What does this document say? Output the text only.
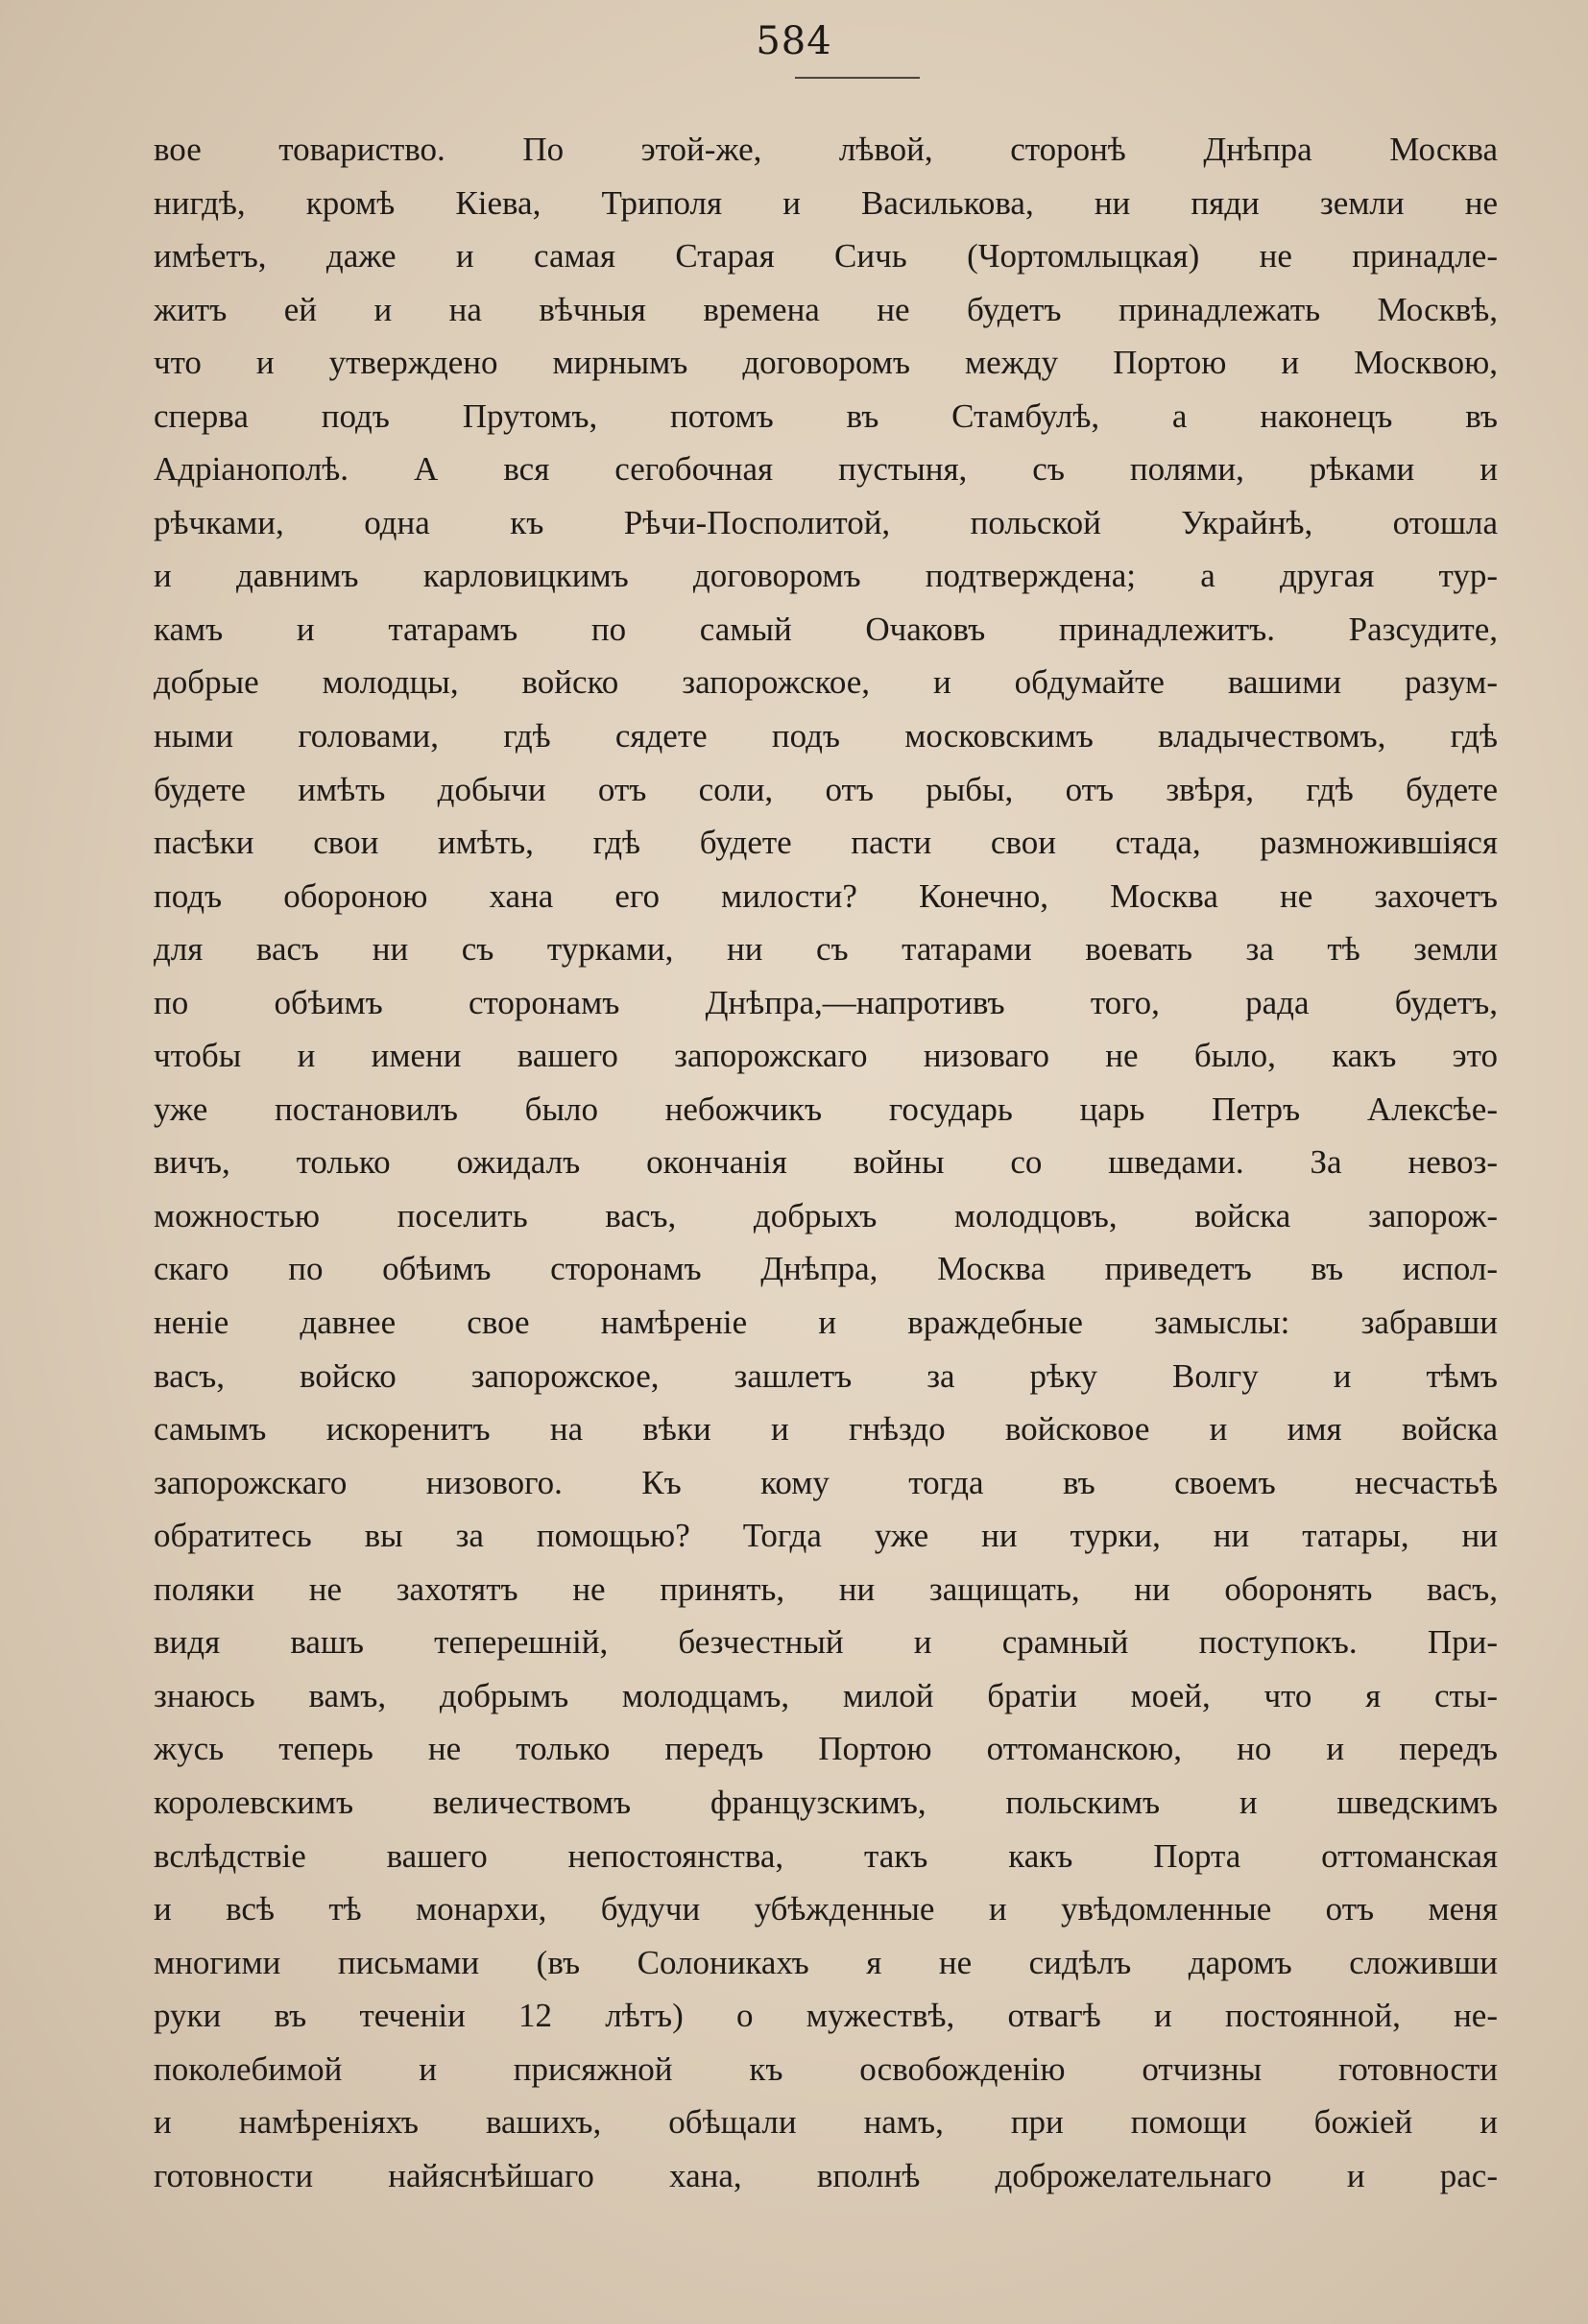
584
вое товариство. По этой-же, лѣвой, сторонѣ Днѣпра Москва
нигдѣ, кромѣ Кіева, Триполя и Василькова, ни пяди земли не
имѣетъ, даже и самая Старая Сичь (Чортомлыцкая) не принадле-
житъ ей и на вѣчныя времена не будетъ принадлежать Москвѣ,
что и утверждено мирнымъ договоромъ между Портою и Москвою,
сперва подъ Прутомъ, потомъ въ Стамбулѣ, а наконецъ въ
Адріанополѣ. А вся сегобочная пустыня, съ полями, рѣками и
рѣчками, одна къ Рѣчи-Посполитой, польской Украйнѣ, отошла
и давнимъ карловицкимъ договоромъ подтверждена; а другая тур-
камъ и татарамъ по самый Очаковъ принадлежитъ. Разсудите,
добрые молодцы, войско запорожское, и обдумайте вашими разум-
ными головами, гдѣ сядете подъ московскимъ владычествомъ, гдѣ
будете имѣть добычи отъ соли, отъ рыбы, отъ звѣря, гдѣ будете
пасѣки свои имѣть, гдѣ будете пасти свои стада, размножившіяся
подъ обороною хана его милости? Конечно, Москва не захочетъ
для васъ ни съ турками, ни съ татарами воевать за тѣ земли
по обѣимъ сторонамъ Днѣпра,—напротивъ того, рада будетъ,
чтобы и имени вашего запорожскаго низоваго не было, какъ это
уже постановилъ было небожчикъ государь царь Петръ Алексѣе-
вичъ, только ожидалъ окончанія войны со шведами. За невоз-
можностью поселить васъ, добрыхъ молодцовъ, войска запорож-
скаго по обѣимъ сторонамъ Днѣпра, Москва приведетъ въ испол-
неніе давнее свое намѣреніе и враждебные замыслы: забравши
васъ, войско запорожское, зашлетъ за рѣку Волгу и тѣмъ
самымъ искоренитъ на вѣки и гнѣздо войсковое и имя войска
запорожскаго низового. Къ кому тогда въ своемъ несчастьѣ
обратитесь вы за помощью? Тогда уже ни турки, ни татары, ни
поляки не захотятъ не принять, ни защищать, ни оборонять васъ,
видя вашъ теперешній, безчестный и срамный поступокъ. При-
знаюсь вамъ, добрымъ молодцамъ, милой братіи моей, что я сты-
жусь теперь не только передъ Портою оттоманскою, но и передъ
королевскимъ величествомъ французскимъ, польскимъ и шведскимъ
вслѣдствіе вашего непостоянства, такъ какъ Порта оттоманская
и всѣ тѣ монархи, будучи убѣжденные и увѣдомленные отъ меня
многими письмами (въ Солоникахъ я не сидѣлъ даромъ сложивши
руки въ теченіи 12 лѣтъ) о мужествѣ, отвагѣ и постоянной, не-
поколебимой и присяжной къ освобожденію отчизны готовности
и намѣреніяхъ вашихъ, обѣщали намъ, при помощи божіей и
готовности найяснѣйшаго хана, вполнѣ доброжелательнаго и рас-
